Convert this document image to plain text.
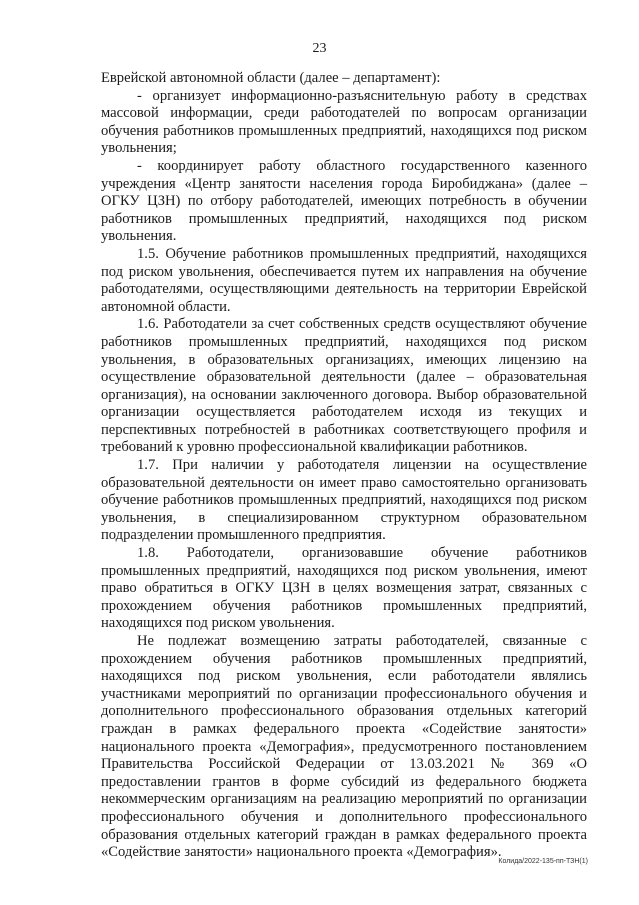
23

Еврейской автономной области (далее – департамент):

- организует информационно-разъяснительную работу в средствах массовой информации, среди работодателей по вопросам организации обучения работников промышленных предприятий, находящихся под риском увольнения;

- координирует работу областного государственного казенного учреждения «Центр занятости населения города Биробиджана» (далее – ОГКУ ЦЗН) по отбору работодателей, имеющих потребность в обучении работников промышленных предприятий, находящихся под риском увольнения.

1.5. Обучение работников промышленных предприятий, находящихся под риском увольнения, обеспечивается путем их направления на обучение работодателями, осуществляющими деятельность на территории Еврейской автономной области.

1.6. Работодатели за счет собственных средств осуществляют обучение работников промышленных предприятий, находящихся под риском увольнения, в образовательных организациях, имеющих лицензию на осуществление образовательной деятельности (далее – образовательная организация), на основании заключенного договора. Выбор образовательной организации осуществляется работодателем исходя из текущих и перспективных потребностей в работниках соответствующего профиля и требований к уровню профессиональной квалификации работников.

1.7. При наличии у работодателя лицензии на осуществление образовательной деятельности он имеет право самостоятельно организовать обучение работников промышленных предприятий, находящихся под риском увольнения, в специализированном структурном образовательном подразделении промышленного предприятия.

1.8. Работодатели, организовавшие обучение работников промышленных предприятий, находящихся под риском увольнения, имеют право обратиться в ОГКУ ЦЗН в целях возмещения затрат, связанных с прохождением обучения работников промышленных предприятий, находящихся под риском увольнения.

Не подлежат возмещению затраты работодателей, связанные с прохождением обучения работников промышленных предприятий, находящихся под риском увольнения, если работодатели являлись участниками мероприятий по организации профессионального обучения и дополнительного профессионального образования отдельных категорий граждан в рамках федерального проекта «Содействие занятости» национального проекта «Демография», предусмотренного постановлением Правительства Российской Федерации от 13.03.2021 № 369 «О предоставлении грантов в форме субсидий из федерального бюджета некоммерческим организациям на реализацию мероприятий по организации профессионального обучения и дополнительного профессионального образования отдельных категорий граждан в рамках федерального проекта «Содействие занятости» национального проекта «Демография».

Колида/2022-135-пп-ТЗН(1)
